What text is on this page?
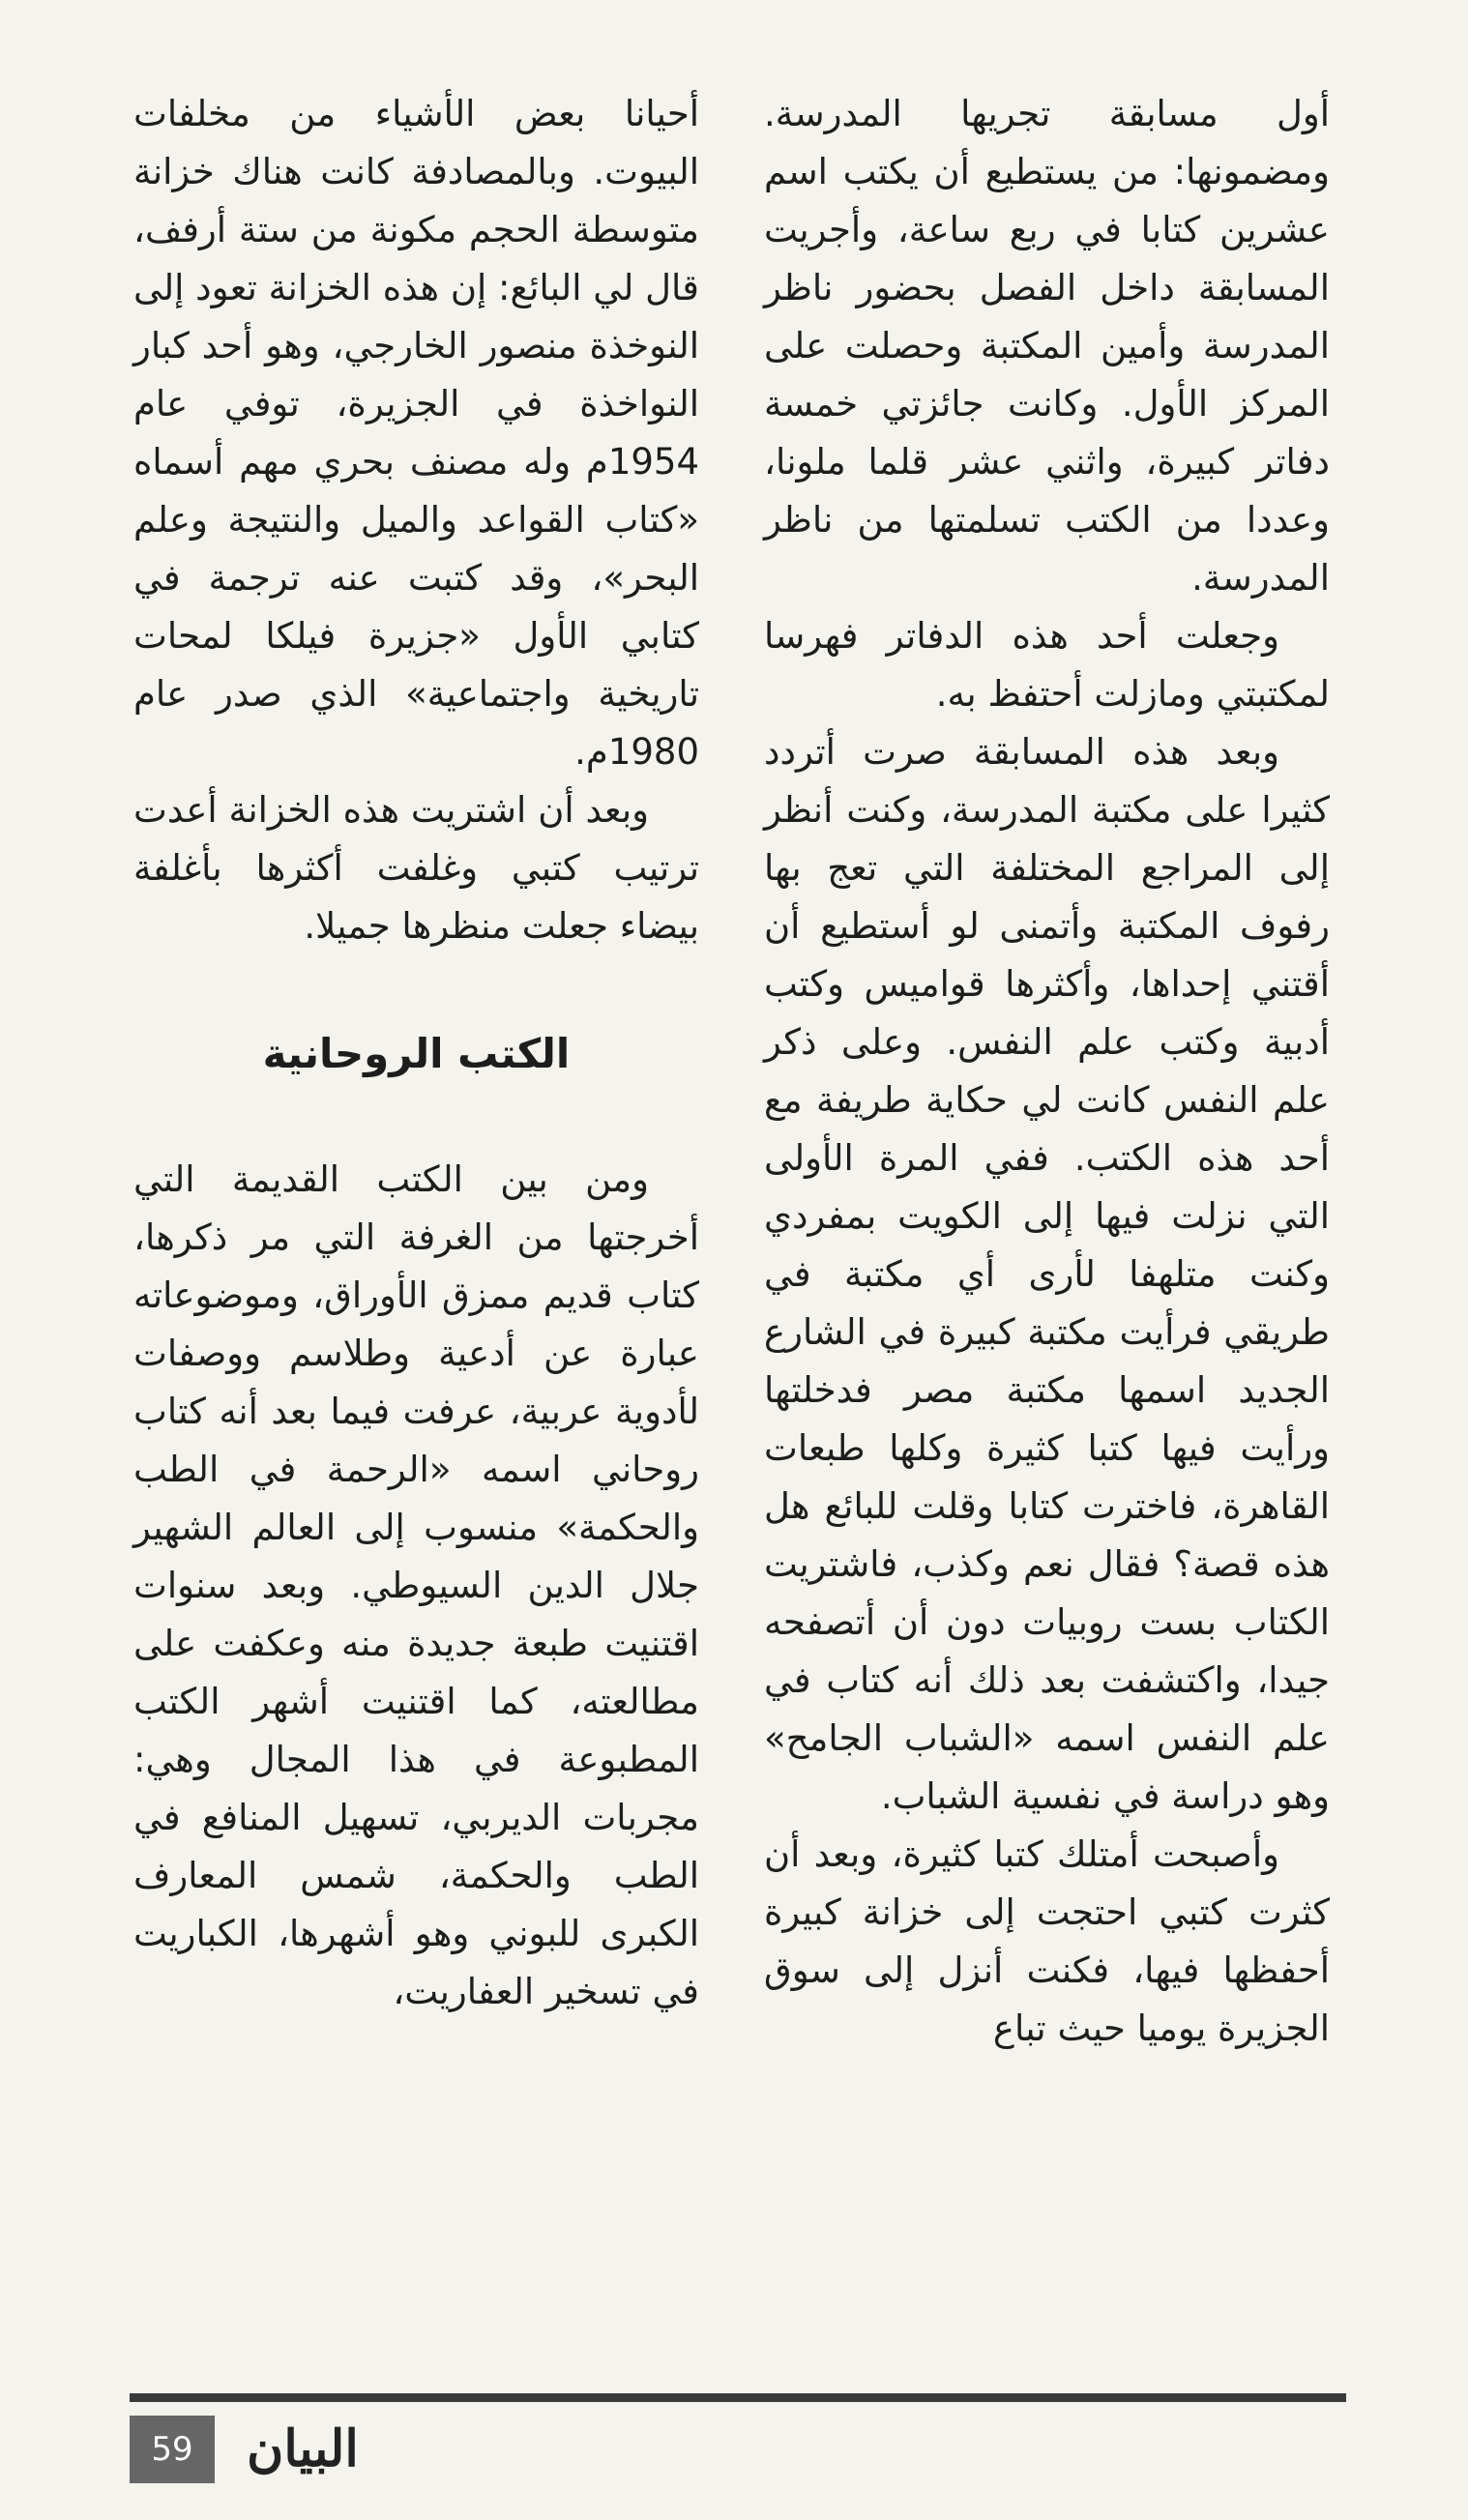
أول مسابقة تجريها المدرسة. ومضمونها: من يستطيع أن يكتب اسم عشرين كتابا في ربع ساعة، وأجريت المسابقة داخل الفصل بحضور ناظر المدرسة وأمين المكتبة وحصلت على المركز الأول. وكانت جائزتي خمسة دفاتر كبيرة، واثني عشر قلما ملونا، وعددا من الكتب تسلمتها من ناظر المدرسة.

وجعلت أحد هذه الدفاتر فهرسا لمكتبتي ومازلت أحتفظ به.

وبعد هذه المسابقة صرت أتردد كثيرا على مكتبة المدرسة، وكنت أنظر إلى المراجع المختلفة التي تعج بها رفوف المكتبة وأتمنى لو أستطيع أن أقتني إحداها، وأكثرها قواميس وكتب أدبية وكتب علم النفس. وعلى ذكر علم النفس كانت لي حكاية طريفة مع أحد هذه الكتب. ففي المرة الأولى التي نزلت فيها إلى الكويت بمفردي وكنت متلهفا لأرى أي مكتبة في طريقي فرأيت مكتبة كبيرة في الشارع الجديد اسمها مكتبة مصر فدخلتها ورأيت فيها كتبا كثيرة وكلها طبعات القاهرة، فاخترت كتابا وقلت للبائع هل هذه قصة؟ فقال نعم وكذب، فاشتريت الكتاب بست روبيات دون أن أتصفحه جيدا، واكتشفت بعد ذلك أنه كتاب في علم النفس اسمه «الشباب الجامح» وهو دراسة في نفسية الشباب.

وأصبحت أمتلك كتبا كثيرة، وبعد أن كثرت كتبي احتجت إلى خزانة كبيرة أحفظها فيها، فكنت أنزل إلى سوق الجزيرة يوميا حيث تباع

أحيانا بعض الأشياء من مخلفات البيوت. وبالمصادفة كانت هناك خزانة متوسطة الحجم مكونة من ستة أرفف، قال لي البائع: إن هذه الخزانة تعود إلى النوخذة منصور الخارجي، وهو أحد كبار النواخذة في الجزيرة، توفي عام 1954م وله مصنف بحري مهم أسماه «كتاب القواعد والميل والنتيجة وعلم البحر»، وقد كتبت عنه ترجمة في كتابي الأول «جزيرة فيلكا لمحات تاريخية واجتماعية» الذي صدر عام 1980م.

وبعد أن اشتريت هذه الخزانة أعدت ترتيب كتبي وغلفت أكثرها بأغلفة بيضاء جعلت منظرها جميلا.

الكتب الروحانية

ومن بين الكتب القديمة التي أخرجتها من الغرفة التي مر ذكرها، كتاب قديم ممزق الأوراق، وموضوعاته عبارة عن أدعية وطلاسم ووصفات لأدوية عربية، عرفت فيما بعد أنه كتاب روحاني اسمه «الرحمة في الطب والحكمة» منسوب إلى العالم الشهير جلال الدين السيوطي. وبعد سنوات اقتنيت طبعة جديدة منه وعكفت على مطالعته، كما اقتنيت أشهر الكتب المطبوعة في هذا المجال وهي: مجربات الديربي، تسهيل المنافع في الطب والحكمة، شمس المعارف الكبرى للبوني وهو أشهرها، الكباريت في تسخير العفاريت،

59	البيان
